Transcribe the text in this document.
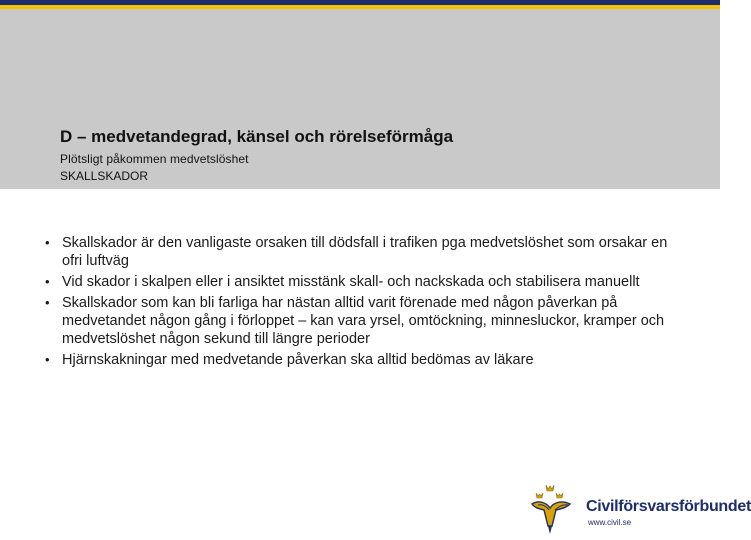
D – medvetandegrad, känsel och rörelseförmåga

Plötsligt påkommen medvetslöshet

SKALLSKADOR

• Skallskador är den vanligaste orsaken till dödsfall i trafiken pga medvetslöshet som orsakar en ofri luftväg
• Vid skador i skalpen eller i ansiktet misstänk skall- och nackskada och stabilisera manuellt
• Skallskador som kan bli farliga har nästan alltid varit förenade med någon påverkan på medvetandet någon gång i förloppet – kan vara yrsel, omtöckning, minnesluckor, kramper och medvetslöshet någon sekund till längre perioder
• Hjärnskakningar med medvetande påverkan ska alltid bedömas av läkare
Civilförsvarsförbundet
www.civil.se
